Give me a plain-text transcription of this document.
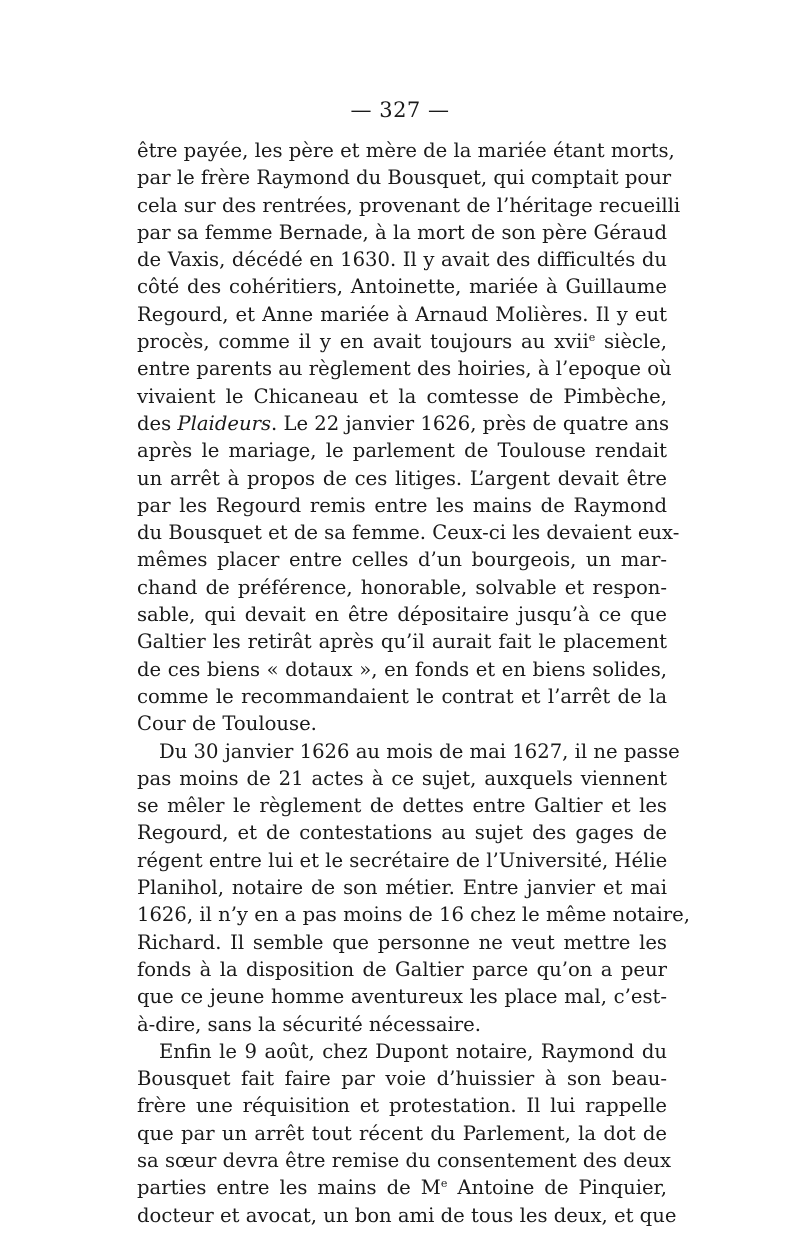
— 327 —
être payée, les père et mère de la mariée étant morts,
par le frère Raymond du Bousquet, qui comptait pour
cela sur des rentrées, provenant de l’héritage recueilli
par sa femme Bernade, à la mort de son père Géraud
de Vaxis, décédé en 1630. Il y avait des difficultés du
côté des cohéritiers, Antoinette, mariée à Guillaume
Regourd, et Anne mariée à Arnaud Molières. Il y eut
procès, comme il y en avait toujours au xvii$^e$ siècle,
entre parents au règlement des hoiries, à l’epoque où
vivaient le Chicaneau et la comtesse de Pimbèche,
des Plaideurs. Le 22 janvier 1626, près de quatre ans
après le mariage, le parlement de Toulouse rendait
un arrêt à propos de ces litiges. L’argent devait être
par les Regourd remis entre les mains de Raymond
du Bousquet et de sa femme. Ceux-ci les devaient eux-
mêmes placer entre celles d’un bourgeois, un mar-
chand de préférence, honorable, solvable et respon-
sable, qui devait en être dépositaire jusqu’à ce que
Galtier les retirât après qu’il aurait fait le placement
de ces biens « dotaux », en fonds et en biens solides,
comme le recommandaient le contrat et l’arrêt de la
Cour de Toulouse.
Du 30 janvier 1626 au mois de mai 1627, il ne passe
pas moins de 21 actes à ce sujet, auxquels viennent
se mêler le règlement de dettes entre Galtier et les
Regourd, et de contestations au sujet des gages de
régent entre lui et le secrétaire de l’Université, Hélie
Planihol, notaire de son métier. Entre janvier et mai
1626, il n’y en a pas moins de 16 chez le même notaire,
Richard. Il semble que personne ne veut mettre les
fonds à la disposition de Galtier parce qu’on a peur
que ce jeune homme aventureux les place mal, c’est-
à-dire, sans la sécurité nécessaire.
Enfin le 9 août, chez Dupont notaire, Raymond du
Bousquet fait faire par voie d’huissier à son beau-
frère une réquisition et protestation. Il lui rappelle
que par un arrêt tout récent du Parlement, la dot de
sa sœur devra être remise du consentement des deux
parties entre les mains de Me Antoine de Pinquier,
docteur et avocat, un bon ami de tous les deux, et que
